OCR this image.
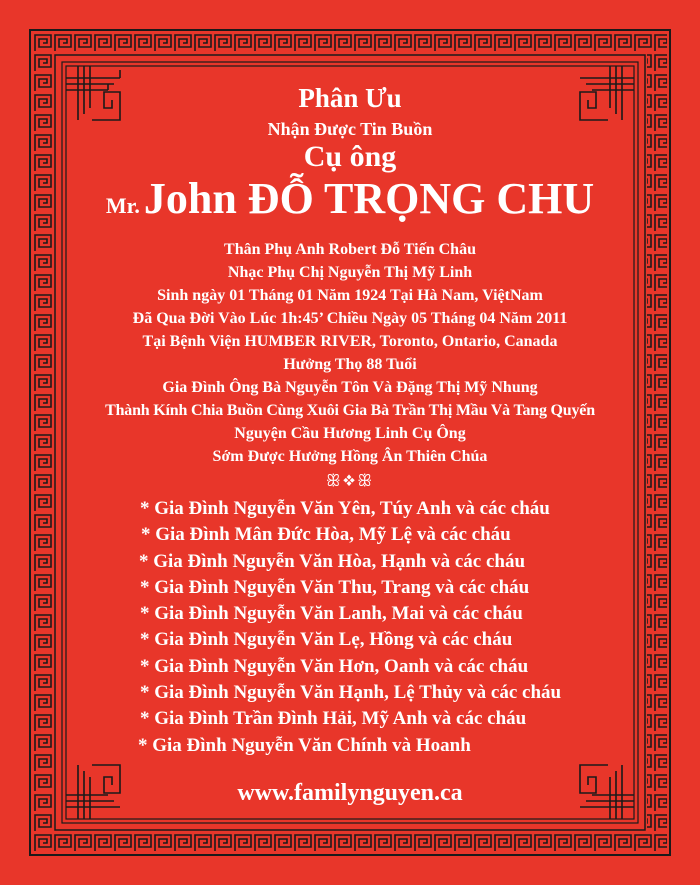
Phân Ưu
Nhận Được Tin Buồn
Cụ ông
Mr. John ĐỖ TRỌNG CHU
Thân Phụ Anh Robert Đỗ Tiến Châu
Nhạc Phụ Chị Nguyễn Thị Mỹ Linh
Sinh ngày 01 Tháng 01 Năm 1924 Tại Hà Nam, ViệtNam
Đã Qua Đời Vào Lúc 1h:45’ Chiều Ngày 05 Tháng 04 Năm 2011
Tại Bệnh Viện HUMBER RIVER, Toronto, Ontario, Canada
Hưởng Thọ 88 Tuổi
Gia Đình Ông Bà Nguyễn Tôn Và Đặng Thị Mỹ Nhung
Thành Kính Chia Buồn Cùng Xuôi Gia Bà Trần Thị Mầu Và Tang Quyến
Nguyện Cầu Hương Linh Cụ Ông
Sớm Được Hưởng Hồng Ân Thiên Chúa
ꕥ❖ꕥ
* Gia Đình Nguyễn Văn Yên, Túy Anh và các cháu
* Gia Đình Mân Đức Hòa, Mỹ Lệ và các cháu
* Gia Đình Nguyễn Văn Hòa, Hạnh và các cháu
* Gia Đình Nguyễn Văn Thu, Trang và các cháu
* Gia Đình Nguyễn Văn Lanh, Mai và các cháu
* Gia Đình Nguyễn Văn Lẹ, Hồng và các cháu
* Gia Đình Nguyễn Văn Hơn, Oanh và các cháu
* Gia Đình Nguyễn Văn Hạnh, Lệ Thủy và các cháu
* Gia Đình Trần Đình Hải, Mỹ Anh và các cháu
* Gia Đình Nguyễn Văn Chính và Hoanh
www.familynguyen.ca
